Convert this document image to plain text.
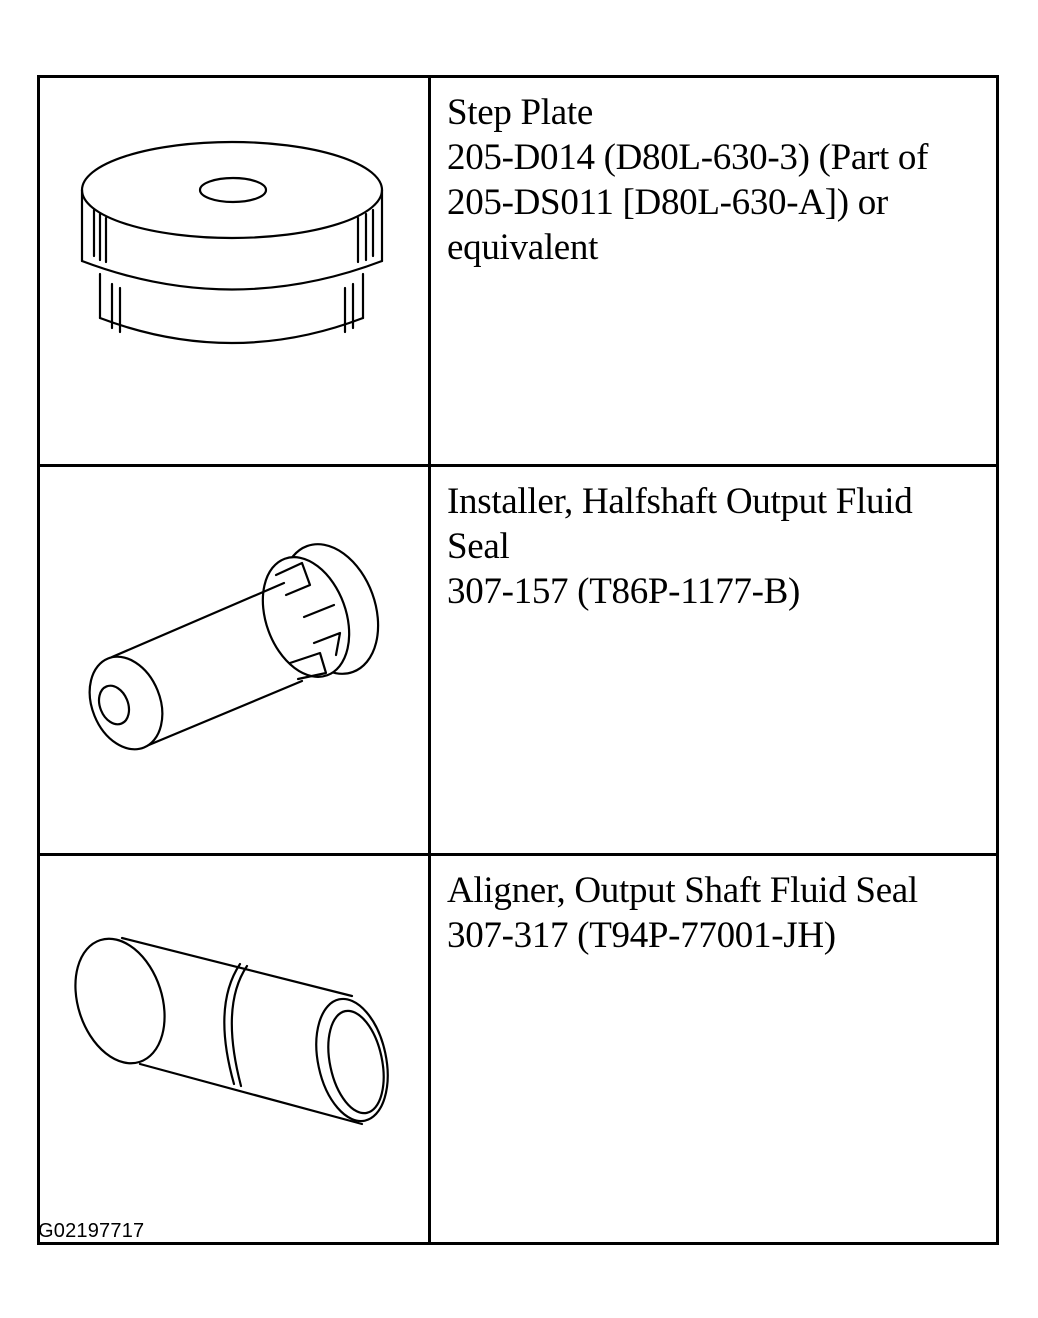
Step Plate
205-D014 (D80L-630-3) (Part of
205-DS011 [D80L-630-A]) or
equivalent

Installer, Halfshaft Output Fluid
Seal
307-157 (T86P-1177-B)

Aligner, Output Shaft Fluid Seal
307-317 (T94P-77001-JH)
G02197717
